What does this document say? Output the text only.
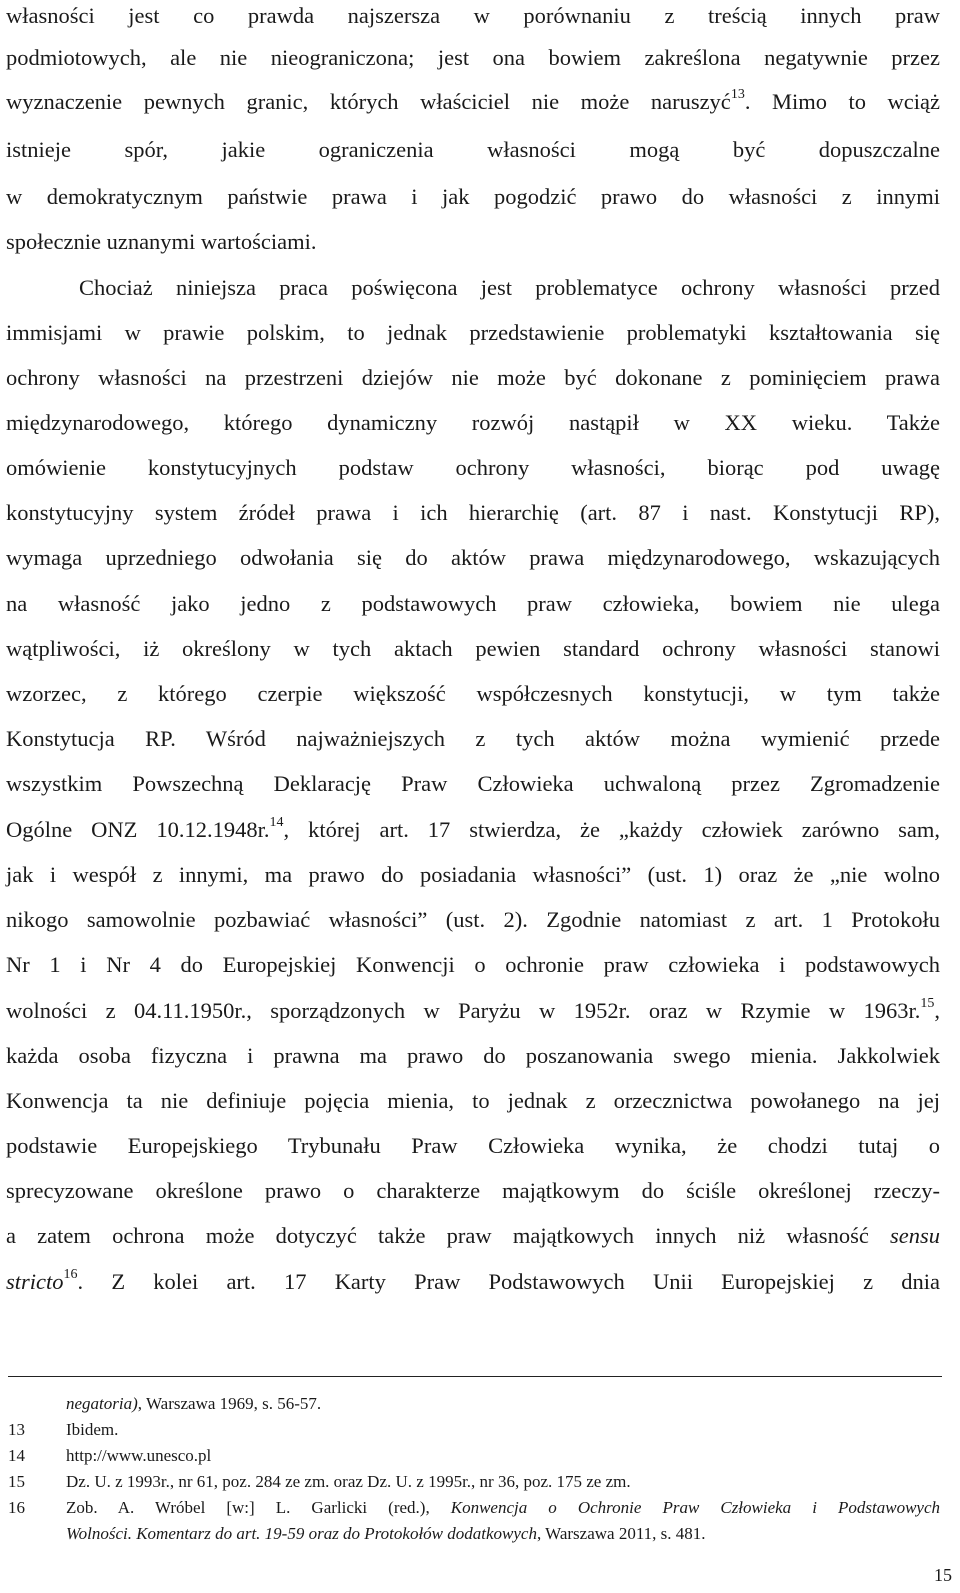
własności jest co prawda najszersza w porównaniu z treścią innych praw
podmiotowych, ale nie nieograniczona; jest ona bowiem zakreślona negatywnie przez
wyznaczenie pewnych granic, których właściciel nie może naruszyć$^{13}$. Mimo to wciąż
istnieje spór, jakie ograniczenia własności mogą być dopuszczalne
w demokratycznym państwie prawa i jak pogodzić prawo do własności z innymi
społecznie uznanymi wartościami.
Chociaż niniejsza praca poświęcona jest problematyce ochrony własności przed
immisjami w prawie polskim, to jednak przedstawienie problematyki kształtowania się
ochrony własności na przestrzeni dziejów nie może być dokonane z pominięciem prawa
międzynarodowego, którego dynamiczny rozwój nastąpił w XX wieku. Także
omówienie konstytucyjnych podstaw ochrony własności, biorąc pod uwagę
konstytucyjny system źródeł prawa i ich hierarchię (art. 87 i nast. Konstytucji RP),
wymaga uprzedniego odwołania się do aktów prawa międzynarodowego, wskazujących
na własność jako jedno z podstawowych praw człowieka, bowiem nie ulega
wątpliwości, iż określony w tych aktach pewien standard ochrony własności stanowi
wzorzec, z którego czerpie większość współczesnych konstytucji, w tym także
Konstytucja RP. Wśród najważniejszych z tych aktów można wymienić przede
wszystkim Powszechną Deklarację Praw Człowieka uchwaloną przez Zgromadzenie
Ogólne ONZ 10.12.1948r.$^{14}$, której art. 17 stwierdza, że „każdy człowiek zarówno sam,
jak i wespół z innymi, ma prawo do posiadania własności” (ust. 1) oraz że „nie wolno
nikogo samowolnie pozbawiać własności” (ust. 2). Zgodnie natomiast z art. 1 Protokołu
Nr 1 i Nr 4 do Europejskiej Konwencji o ochronie praw człowieka i podstawowych
wolności z 04.11.1950r., sporządzonych w Paryżu w 1952r. oraz w Rzymie w 1963r.$^{15}$,
każda osoba fizyczna i prawna ma prawo do poszanowania swego mienia. Jakkolwiek
Konwencja ta nie definiuje pojęcia mienia, to jednak z orzecznictwa powołanego na jej
podstawie Europejskiego Trybunału Praw Człowieka wynika, że chodzi tutaj o
sprecyzowane określone prawo o charakterze majątkowym do ściśle określonej rzeczy-
a zatem ochrona może dotyczyć także praw majątkowych innych niż własność sensu
stricto$^{16}$. Z kolei art. 17 Karty Praw Podstawowych Unii Europejskiej z dnia
negatoria), Warszawa 1969, s. 56-57.
13 Ibidem.
14 http://www.unesco.pl
15 Dz. U. z 1993r., nr 61, poz. 284 ze zm. oraz Dz. U. z 1995r., nr 36, poz. 175 ze zm.
16 Zob. A. Wróbel [w:] L. Garlicki (red.), Konwencja o Ochronie Praw Człowieka i Podstawowych
Wolności. Komentarz do art. 19-59 oraz do Protokołów dodatkowych, Warszawa 2011, s. 481.
15
